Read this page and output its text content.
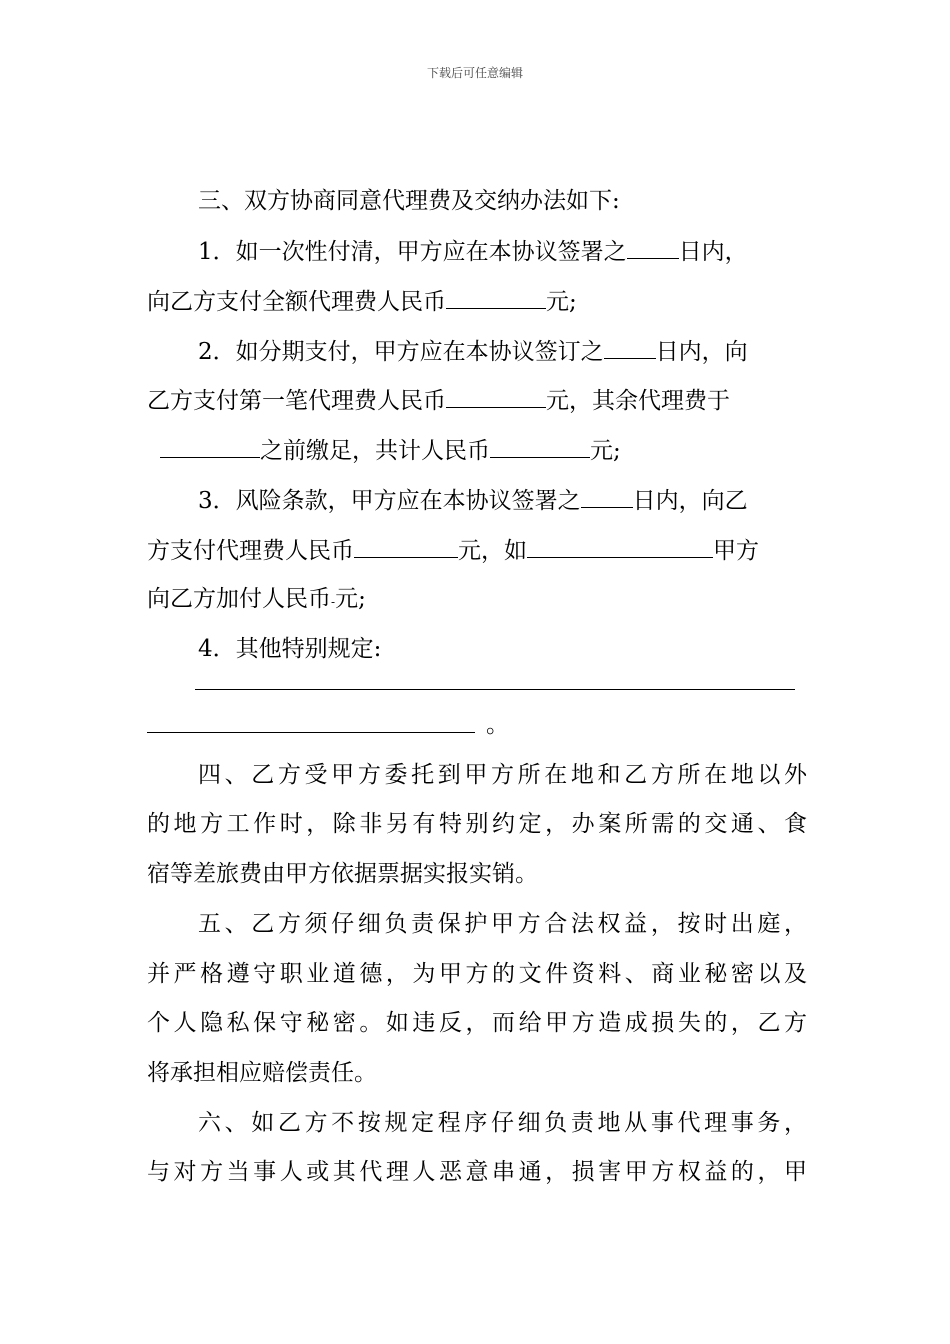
下载后可任意编辑
三、双方协商同意代理费及交纳办法如下:
1．如一次性付清，甲方应在本协议签署之 日内，
向乙方支付全额代理费人民币	元;
2．如分期支付，甲方应在本协议签订之 日内，向
乙方支付第一笔代理费人民币	元，其余代理费于
之前缴足，共计人民币	元;
3．风险条款，甲方应在本协议签署之 日内，向乙
方支付代理费人民币	元，如	甲方
向乙方加付人民币-元;
4．其他特别规定:
。
四、乙方受甲方委托到甲方所在地和乙方所在地以外
的地方工作时，除非另有特别约定，办案所需的交通、食
宿等差旅费由甲方依据票据实报实销。
五、乙方须仔细负责保护甲方合法权益，按时出庭，
并严格遵守职业道德，为甲方的文件资料、商业秘密以及
个人隐私保守秘密。如违反，而给甲方造成损失的，乙方
将承担相应赔偿责任。
六、如乙方不按规定程序仔细负责地从事代理事务，
与对方当事人或其代理人恶意串通，损害甲方权益的，甲
